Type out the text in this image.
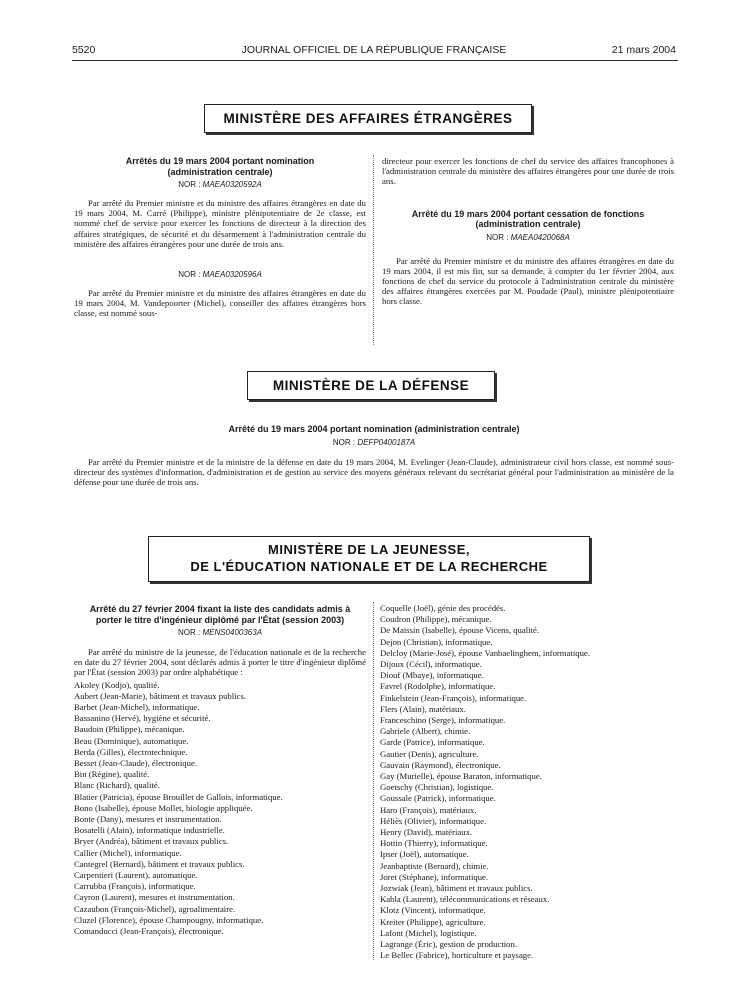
5520	JOURNAL OFFICIEL DE LA RÉPUBLIQUE FRANÇAISE	21 mars 2004
MINISTÈRE DES AFFAIRES ÉTRANGÈRES
Arrêtés du 19 mars 2004 portant nomination (administration centrale)
NOR : MAEA0320592A
Par arrêté du Premier ministre et du ministre des affaires étrangères en date du 19 mars 2004, M. Carré (Philippe), ministre plénipotentiaire de 2e classe, est nommé chef de service pour exercer les fonctions de directeur à la direction des affaires stratégiques, de sécurité et du désarmement à l'administration centrale du ministère des affaires étrangères pour une durée de trois ans.
NOR : MAEA0320596A
Par arrêté du Premier ministre et du ministre des affaires étrangères en date du 19 mars 2004, M. Vandepoorter (Michel), conseiller des affaires étrangères hors classe, est nommé sous-
directeur pour exercer les fonctions de chef du service des affaires francophones à l'administration centrale du ministère des affaires étrangères pour une durée de trois ans.
Arrêté du 19 mars 2004 portant cessation de fonctions (administration centrale)
NOR : MAEA0420068A
Par arrêté du Premier ministre et du ministre des affaires étrangères en date du 19 mars 2004, il est mis fin, sur sa demande, à compter du 1er février 2004, aux fonctions de chef du service du protocole à l'administration centrale du ministère des affaires étrangères exercées par M. Poudade (Paul), ministre plénipotentiaire hors classe.
MINISTÈRE DE LA DÉFENSE
Arrêté du 19 mars 2004 portant nomination (administration centrale)
NOR : DEFP0400187A
Par arrêté du Premier ministre et de la ministre de la défense en date du 19 mars 2004, M. Evelinger (Jean-Claude), administrateur civil hors classe, est nommé sous-directeur des systèmes d'information, d'administration et de gestion au service des moyens généraux relevant du secrétariat général pour l'administration au ministère de la défense pour une durée de trois ans.
MINISTÈRE DE LA JEUNESSE,
DE L'ÉDUCATION NATIONALE ET DE LA RECHERCHE
Arrêté du 27 février 2004 fixant la liste des candidats admis à porter le titre d'ingénieur diplômé par l'État (session 2003)
NOR : MENS0400363A
Par arrêté du ministre de la jeunesse, de l'éducation nationale et de la recherche en date du 27 février 2004, sont déclarés admis à porter le titre d'ingénieur diplômé par l'État (session 2003) par ordre alphabétique :
Akoley (Kodjo), qualité.
Aubert (Jean-Marie), bâtiment et travaux publics.
Barbet (Jean-Michel), informatique.
Bassanino (Hervé), hygiène et sécurité.
Baudoin (Philippe), mécanique.
Beau (Dominique), automatique.
Berda (Gilles), électrotechnique.
Besset (Jean-Claude), électronique.
Bin (Régine), qualité.
Blanc (Richard), qualité.
Blatier (Patricia), épouse Brouillet de Gallois, informatique.
Bono (Isabelle), épouse Mollet, biologie appliquée.
Bonte (Dany), mesures et instrumentation.
Bosatelli (Alain), informatique industrielle.
Bryer (Andréa), bâtiment et travaux publics.
Callier (Michel), informatique.
Cantegrel (Bernard), bâtiment et travaux publics.
Carpentieri (Laurent), automatique.
Carrubba (François), informatique.
Cayron (Laurent), mesures et instrumentation.
Cazaubon (François-Michel), agroalimentaire.
Cluzel (Florence), épouse Champougny, informatique.
Comanducci (Jean-François), électronique.
Coquelle (Joël), génie des procédés.
Coudron (Philippe), mécanique.
De Maissin (Isabelle), épouse Vicens, qualité.
Dejon (Christian), informatique.
Delcloy (Marie-José), épouse Vanbaelinghem, informatique.
Dijoux (Cécil), informatique.
Diouf (Mbaye), informatique.
Favrel (Rodolphe), informatique.
Finkelstein (Jean-François), informatique.
Flers (Alain), matériaux.
Franceschino (Serge), informatique.
Gabriele (Albert), chimie.
Garde (Patrice), informatique.
Gautier (Denis), agriculture.
Gauvain (Raymond), électronique.
Gay (Murielle), épouse Baraton, informatique.
Goetschy (Christian), logistique.
Goussale (Patrick), informatique.
Haro (François), matériaux.
Héliès (Olivier), informatique.
Henry (David), matériaux.
Hottin (Thierry), informatique.
Ipser (Joël), automatique.
Jeanbaptiste (Bernard), chimie.
Joret (Stéphane), informatique.
Jozwiak (Jean), bâtiment et travaux publics.
Kabla (Laurent), télécommunications et réseaux.
Klotz (Vincent), informatique.
Kreiter (Philippe), agriculture.
Lafont (Michel), logistique.
Lagrange (Éric), gestion de production.
Le Bellec (Fabrice), horticulture et paysage.
